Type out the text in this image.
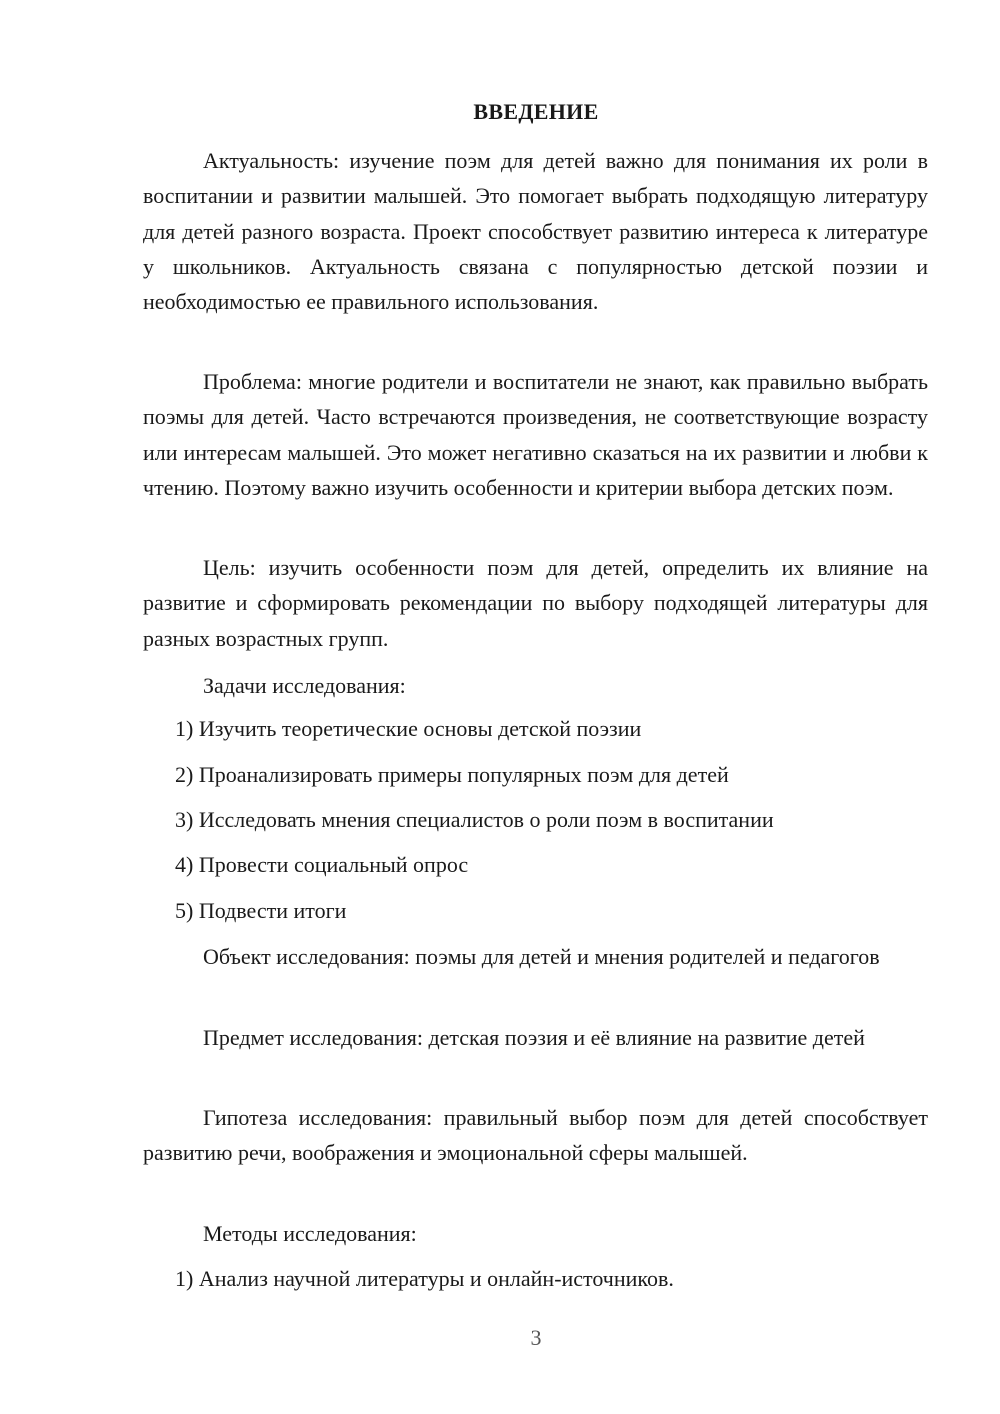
ВВЕДЕНИЕ

Актуальность: изучение поэм для детей важно для понимания их роли в воспитании и развитии малышей. Это помогает выбрать подходящую литературу для детей разного возраста. Проект способствует развитию интереса к литературе у школьников. Актуальность связана с популярностью детской поэзии и необходимостью ее правильного использования.

Проблема: многие родители и воспитатели не знают, как правильно выбрать поэмы для детей. Часто встречаются произведения, не соответствующие возрасту или интересам малышей. Это может негативно сказаться на их развитии и любви к чтению. Поэтому важно изучить особенности и критерии выбора детских поэм.

Цель: изучить особенности поэм для детей, определить их влияние на развитие и сформировать рекомендации по выбору подходящей литературы для разных возрастных групп.

Задачи исследования:

1) Изучить теоретические основы детской поэзии

2) Проанализировать примеры популярных поэм для детей

3) Исследовать мнения специалистов о роли поэм в воспитании

4) Провести социальный опрос

5) Подвести итоги

Объект исследования: поэмы для детей и мнения родителей и педагогов

Предмет исследования: детская поэзия и её влияние на развитие детей

Гипотеза исследования: правильный выбор поэм для детей способствует развитию речи, воображения и эмоциональной сферы малышей.

Методы исследования:

1) Анализ научной литературы и онлайн-источников.

3
